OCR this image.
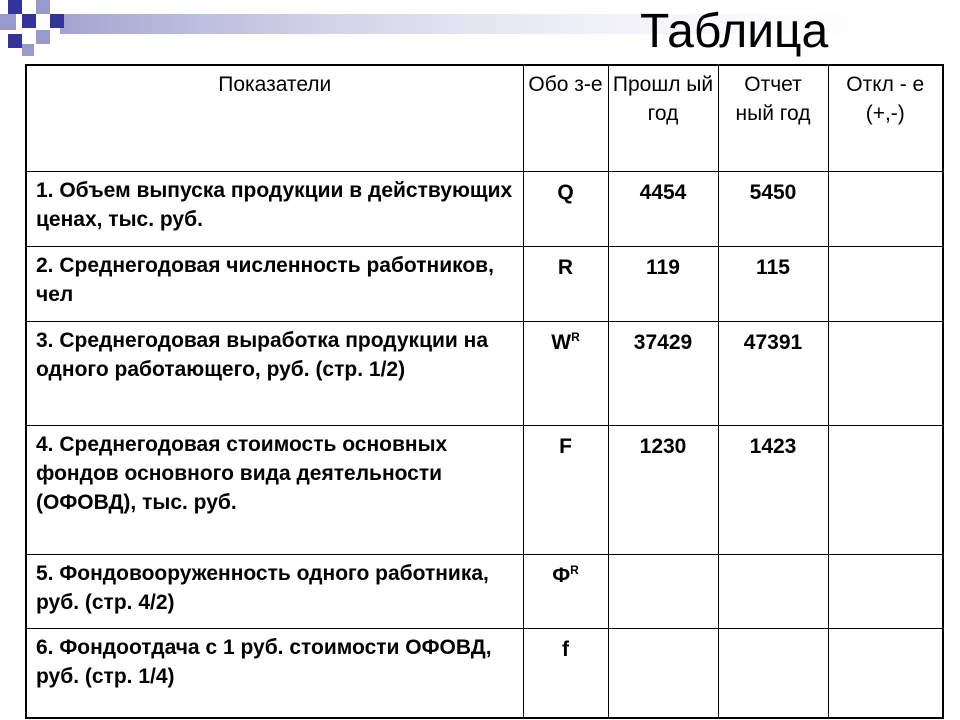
Таблица
Показатели	Обо з-е	Прошл ый год	Отчет ный год	Откл - е (+,-)
1. Объем выпуска продукции в действующих ценах, тыс. руб.	Q	4454	5450	
2. Среднегодовая численность работников, чел	R	119	115	
3. Среднегодовая выработка продукции на одного работающего, руб. (стр. 1/2)	$W^R$	37429	47391	
4. Среднегодовая стоимость основных фондов основного вида деятельности (ОФОВД), тыс. руб.	F	1230	1423	
5. Фондовооруженность одного работника, руб. (стр. 4/2)	$Ф^R$			
6. Фондоотдача с 1 руб. стоимости ОФОВД, руб. (стр. 1/4)	f			
